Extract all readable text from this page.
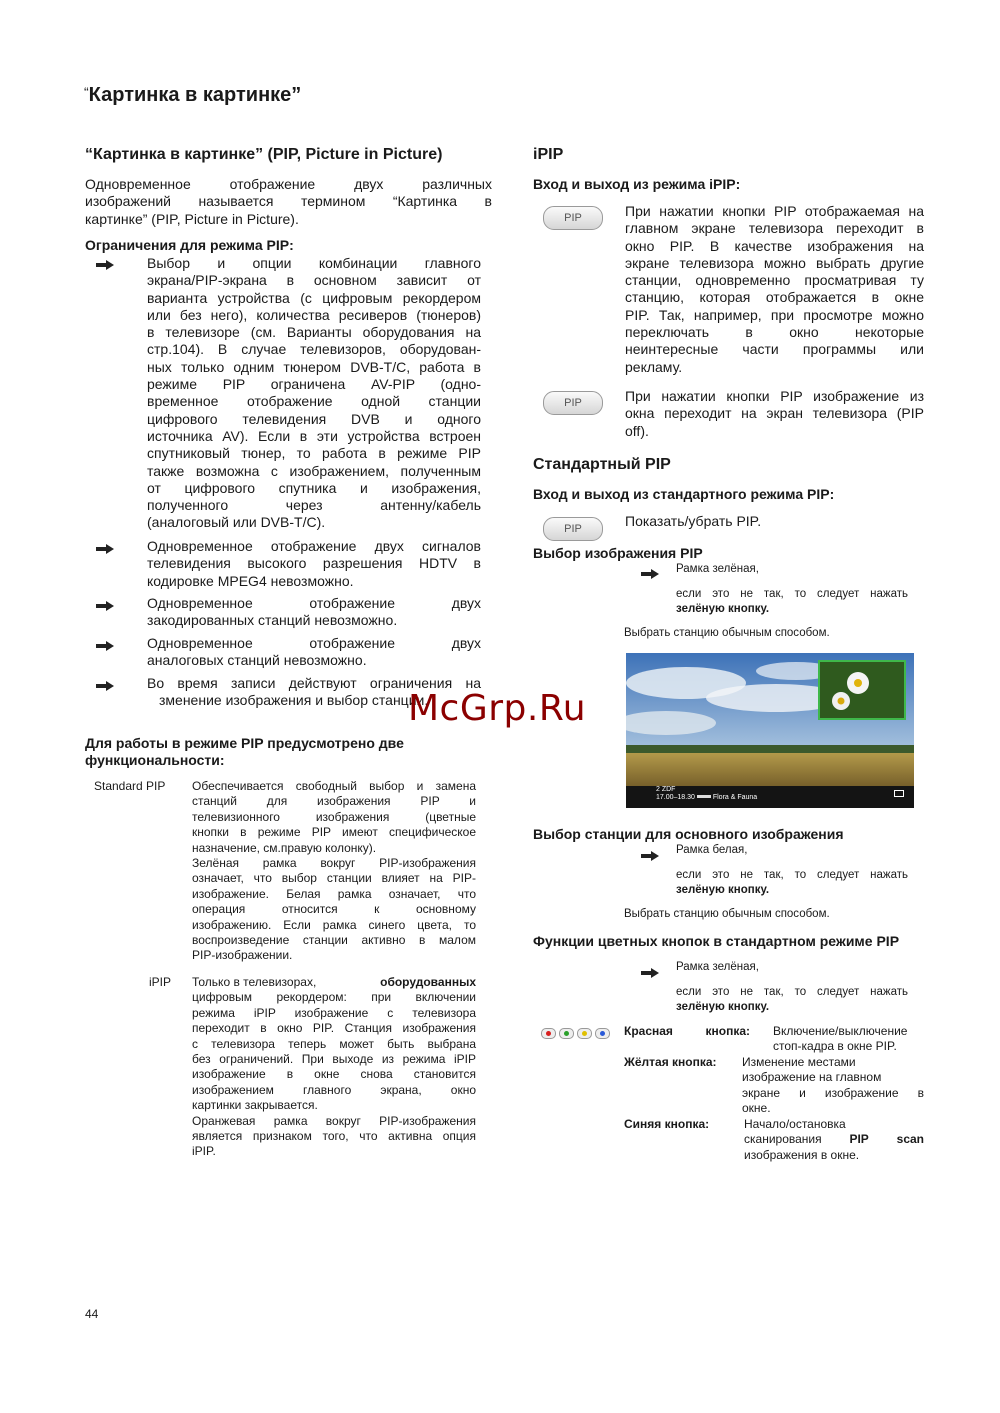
“Картинка в картинке”
“Картинка в картинке” (PIP, Picture in Picture)
Одновременное отображение двух различных
изображений называется термином “Картинка в
картинке” (PIP, Picture in Picture).
Ограничения для режима PIP:
Выбор и опции комбинации главного
экрана/PIP-экрана в основном зависит от
варианта устройства (с цифровым рекордером
или без него), количества ресиверов (тюнеров)
в телевизоре (см. Варианты оборудования на
стр.104). В случае телевизоров, оборудован-
ных только одним тюнером DVB-T/C, работа в
режиме PIP ограничена AV-PIP (одно-
временное отображение одной станции
цифрового телевидения DVB и одного
источника AV). Если в эти устройства встроен
спутниковый тюнер, то работа в режиме PIP
также возможна с изображением, полученным
от цифрового спутника и изображения,
полученного через антенну/кабель
(аналоговый или DVB-T/C).
Одновременное отображение двух сигналов
телевидения высокого разрешения HDTV в
кодировке MPEG4 невозможно.
Одновременное отображение двух
закодированных станций невозможно.
Одновременное отображение двух
аналоговых станций невозможно.
Во время записи действуют ограничения на
зменение изображения и выбор станции.
Для работы в режиме PIP предусмотрено две
функциональности:
Standard PIP Обеспечивается свободный выбор и замена
станций для изображения PIP и
телевизионного изображения (цветные
кнопки в режиме PIP имеют специфическое
назначение, см.правую колонку).
Зелёная рамка вокруг PIP-изображения
означает, что выбор станции влияет на PIP-
изображение. Белая рамка означает, что
операция относится к основному
изображению. Если рамка синего цвета, то
воспроизведение станции активно в малом
PIP-изображении.
iPIP Только в телевизорах,	оборудованных
цифровым рекордером: при включении
режима iPIP изображение с телевизора
переходит в окно PIP. Станция изображения
с телевизора теперь может быть выбрана
без ограничений. При выходе из режима iPIP
изображение в окне снова становится
изображением главного экрана, окно
картинки закрывается.
Оранжевая рамка вокруг PIP-изображения
является признаком того, что активна опция
iPIP.
iPIP
Вход и выход из режима iPIP:
PIP	При нажатии кнопки PIP отображаемая на
главном экране телевизора переходит в
окно PIP. В качестве изображения на
экране телевизора можно выбрать другие
станции, одновременно просматривая ту
станцию, которая отображается в окне
PIP. Так, например, при просмотре можно
переключать в окно некоторые
неинтересные части программы или
рекламу.
PIP	При нажатии кнопки PIP изображение из
окна переходит на экран телевизора (PIP
off).
Стандартный PIP
Вход и выход из стандартного режима PIP:
PIP	Показать/убрать PIP.
Выбор изображения PIP
Рамка зелёная,
если это не так, то следует нажать
зелёную кнопку.
Выбрать станцию обычным способом.
2 ZDF
17.00–18.30	Flora & Fauna
Выбор станции для основного изображения
Рамка белая,
если это не так, то следует нажать
зелёную кнопку.
Выбрать станцию обычным способом.
Функции цветных кнопок в стандартном режиме PIP
Рамка зелёная,
если это не так, то следует нажать
зелёную кнопку.
Красная	кнопка: Включение/выключение
стоп-кадра в окне PIP.
Жёлтая кнопка: Изменение местами
изображение на главном
экране и изображение в
окне.
Синяя кнопка:	Начало/остановка
сканирования PIP scan
изображения в окне.
McGrp.Ru
44
